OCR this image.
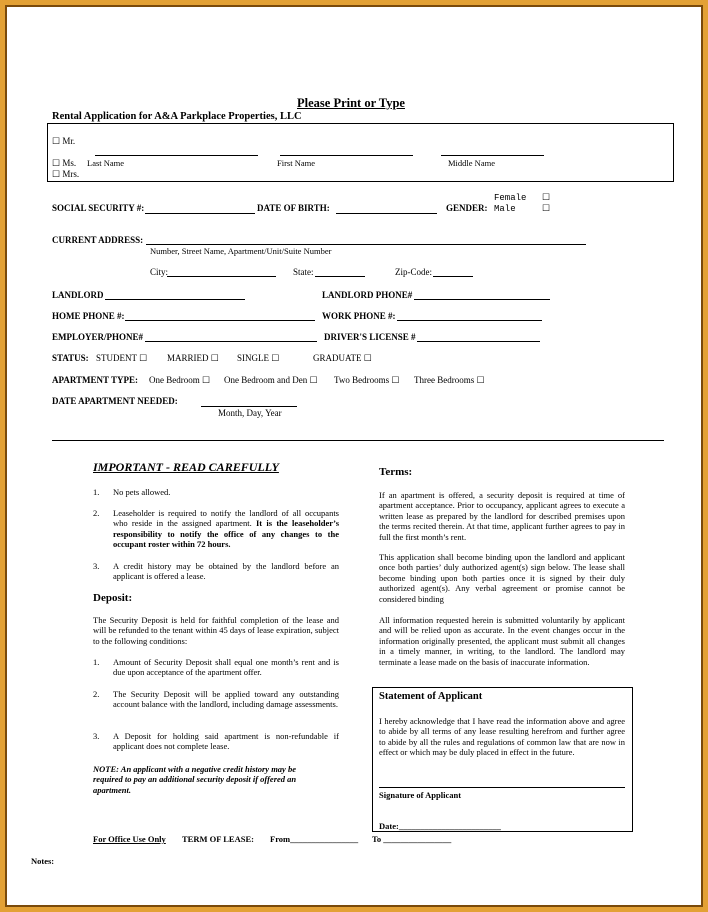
Please Print or Type
Rental Application for A&A Parkplace Properties, LLC
☐ Mr.
☐ Ms. Last Name	First Name	Middle Name
☐ Mrs.
SOCIAL SECURITY #:	DATE OF BIRTH:	GENDER:
Female ☐
Male	☐
CURRENT ADDRESS:
Number, Street Name, Apartment/Unit/Suite Number
City:	State:	Zip-Code:
LANDLORD	LANDLORD PHONE#
HOME PHONE #:	WORK PHONE #:
EMPLOYER/PHONE#	DRIVER'S LICENSE #
STATUS: STUDENT ☐ MARRIED ☐ SINGLE ☐	GRADUATE ☐
APARTMENT TYPE: One Bedroom ☐ One Bedroom and Den ☐ Two Bedrooms ☐ Three Bedrooms ☐
DATE APARTMENT NEEDED:
Month, Day, Year
IMPORTANT - READ CAREFULLY
1. No pets allowed.
2. Leaseholder is required to notify the landlord of all occupants who reside in the assigned apartment. It is the leaseholder’s responsibility to notify the office of any changes to the occupant roster within 72 hours.
3. A credit history may be obtained by the landlord before an applicant is offered a lease.
Deposit:
The Security Deposit is held for faithful completion of the lease and will be refunded to the tenant within 45 days of lease expiration, subject to the following conditions:
1. Amount of Security Deposit shall equal one month’s rent and is due upon acceptance of the apartment offer.
2. The Security Deposit will be applied toward any outstanding account balance with the landlord, including damage assessments.
3. A Deposit for holding said apartment is non-refundable if applicant does not complete lease.
NOTE: An applicant with a negative credit history may be required to pay an additional security deposit if offered an apartment.
Terms:
If an apartment is offered, a security deposit is required at time of apartment acceptance. Prior to occupancy, applicant agrees to execute a written lease as prepared by the landlord for described premises upon the terms recited therein. At that time, applicant further agrees to pay in full the first month’s rent.
This application shall become binding upon the landlord and applicant once both parties’ duly authorized agent(s) sign below. The lease shall become binding upon both parties once it is signed by their duly authorized agent(s). Any verbal agreement or promise cannot be considered binding
All information requested herein is submitted voluntarily by applicant and will be relied upon as accurate. In the event changes occur in the information originally presented, the applicant must submit all changes in a timely manner, in writing, to the landlord. The landlord may terminate a lease made on the basis of inaccurate information.
Statement of Applicant
I hereby acknowledge that I have read the information above and agree to abide by all terms of any lease resulting herefrom and further agree to abide by all the rules and regulations of common law that are now in effect or which may be duly placed in effect in the future.
Signature of Applicant
Date:________________________
For Office Use Only TERM OF LEASE: From________________ To ________________
Notes:
